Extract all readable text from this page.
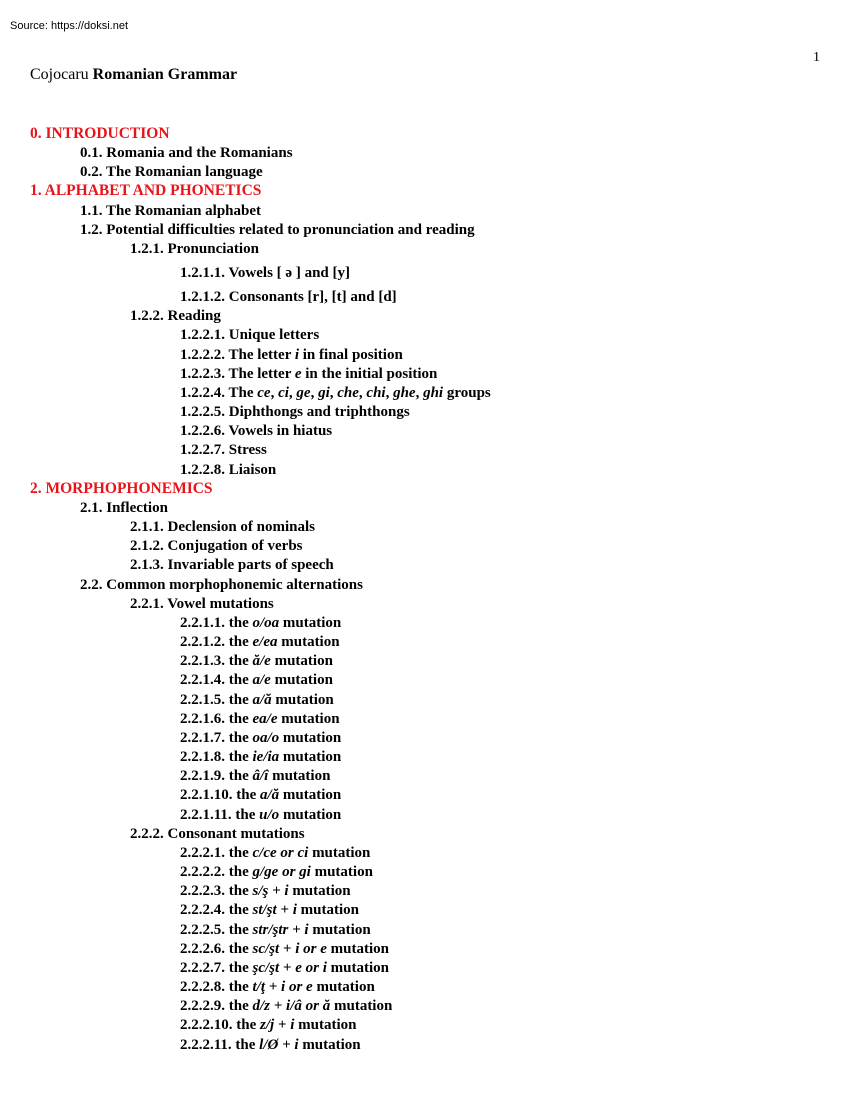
Source: https://doksi.net
1
Cojocaru Romanian Grammar
0. INTRODUCTION
0.1. Romania and the Romanians
0.2. The Romanian language
1. ALPHABET AND PHONETICS
1.1. The Romanian alphabet
1.2. Potential difficulties related to pronunciation and reading
1.2.1. Pronunciation
1.2.1.1. Vowels [ ə ] and [y]
1.2.1.2. Consonants [r], [t] and [d]
1.2.2. Reading
1.2.2.1. Unique letters
1.2.2.2. The letter i in final position
1.2.2.3. The letter e in the initial position
1.2.2.4. The ce, ci, ge, gi, che, chi, ghe, ghi groups
1.2.2.5. Diphthongs and triphthongs
1.2.2.6. Vowels in hiatus
1.2.2.7. Stress
1.2.2.8. Liaison
2. MORPHOPHONEMICS
2.1. Inflection
2.1.1. Declension of nominals
2.1.2. Conjugation of verbs
2.1.3. Invariable parts of speech
2.2. Common morphophonemic alternations
2.2.1. Vowel mutations
2.2.1.1. the o/oa mutation
2.2.1.2. the e/ea mutation
2.2.1.3. the ă/e mutation
2.2.1.4. the a/e mutation
2.2.1.5. the a/ă mutation
2.2.1.6. the ea/e mutation
2.2.1.7. the oa/o mutation
2.2.1.8. the ie/ia mutation
2.2.1.9. the â/î mutation
2.2.1.10. the a/ă mutation
2.2.1.11. the u/o mutation
2.2.2. Consonant mutations
2.2.2.1. the c/ce or ci mutation
2.2.2.2. the g/ge or gi mutation
2.2.2.3. the s/ş + i mutation
2.2.2.4. the st/şt + i mutation
2.2.2.5. the str/ştr + i mutation
2.2.2.6. the sc/şt + i or e mutation
2.2.2.7. the şc/şt + e or i mutation
2.2.2.8. the t/ţ + i or e mutation
2.2.2.9. the d/z + i/â or ă mutation
2.2.2.10. the z/j + i mutation
2.2.2.11. the l/Ø + i mutation
